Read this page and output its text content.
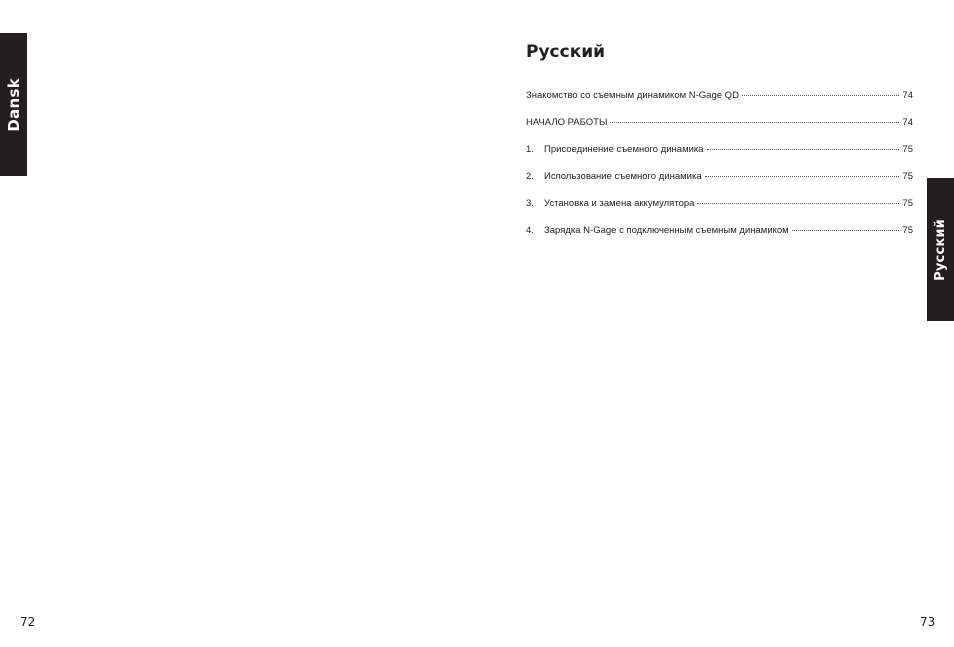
Dansk
72
Русский
Знакомство со съемным динамиком N-Gage QD	74
НАЧАЛО РАБОТЫ	74
1.	Присоединение съемного динамика	75
2.	Использование съемного динамика	75
3.	Установка и замена аккумулятора	75
4.	Зарядка N-Gage с подключенным съемным динамиком	75 Русский
73
